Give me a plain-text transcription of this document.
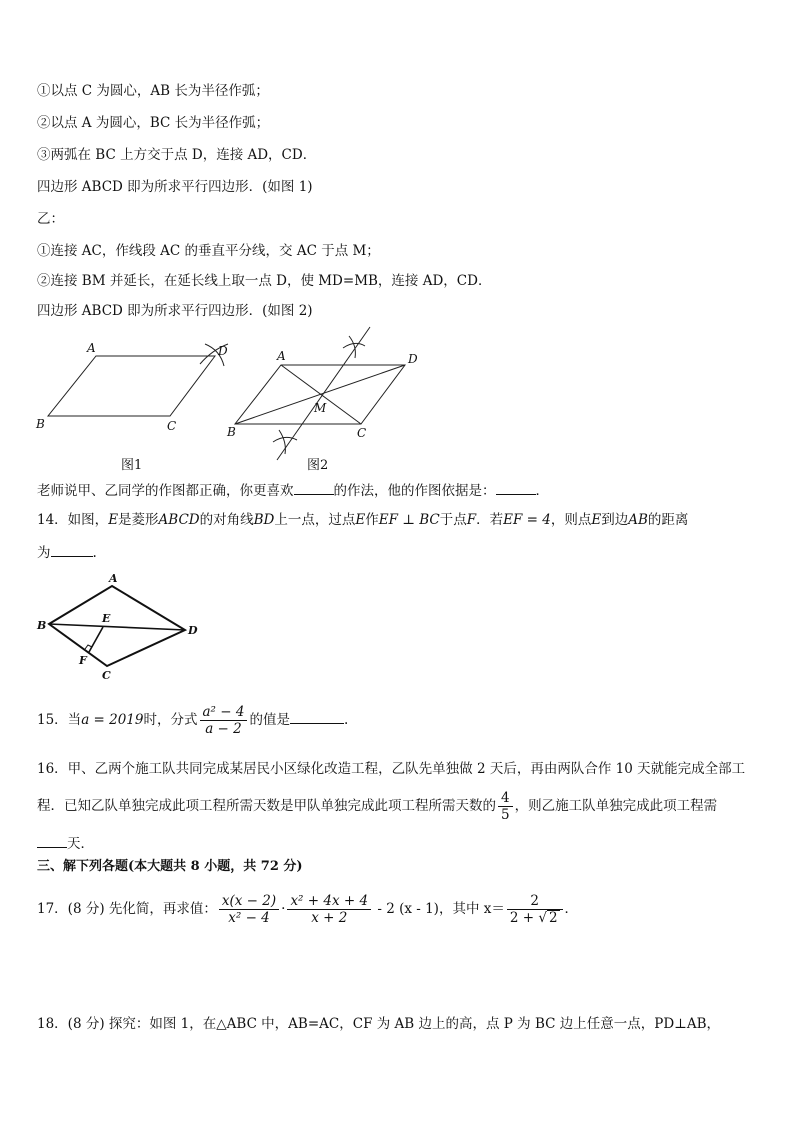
①以点 C 为圆心，AB 长为半径作弧；
②以点 A 为圆心，BC 长为半径作弧；
③两弧在 BC 上方交于点 D，连接 AD，CD．
四边形 ABCD 即为所求平行四边形．(如图 1)
乙：
①连接 AC，作线段 AC 的垂直平分线，交 AC 于点 M；
②连接 BM 并延长，在延长线上取一点 D，使 MD=MB，连接 AD，CD．
四边形 ABCD 即为所求平行四边形．(如图 2)
A	D
B	C
图1
A	D
B	C
M
图2
老师说甲、乙同学的作图都正确，你更喜欢	的作法，他的作图依据是：	．
14．如图，E是菱形ABCD的对角线BD上一点，过点E作EF ⊥ BC于点F．若EF = 4，则点E到边AB的距离
为	.
A
B	D
C
E
F
15．当a = 2019时，分式 $\frac{\text{a² − 4}}{a - 2}$ 的值是	.
16．甲、乙两个施工队共同完成某居民小区绿化改造工程，乙队先单独做 2 天后，再由两队合作 10 天就能完成全部工
程．已知乙队单独完成此项工程所需天数是甲队单独完成此项工程所需天数的 $\frac{4}{5}$ ，则乙施工队单独完成此项工程需
天．
三、解下列各题(本大题共 8 小题，共 72 分)
17．(8 分) 先化简，再求值： $\frac{x(x - 2)}{\text{x² − 4}} \cdot \frac{\text{x² + 4x + 4}}{x + 2} - 2$ (x - 1)，其中 $x= \frac{2}{2 + √ 2}$ ．
18．(8 分) 探究：如图 1，在△ABC 中，AB=AC，CF 为 AB 边上的高，点 P 为 BC 边上任意一点，PD⊥AB，
